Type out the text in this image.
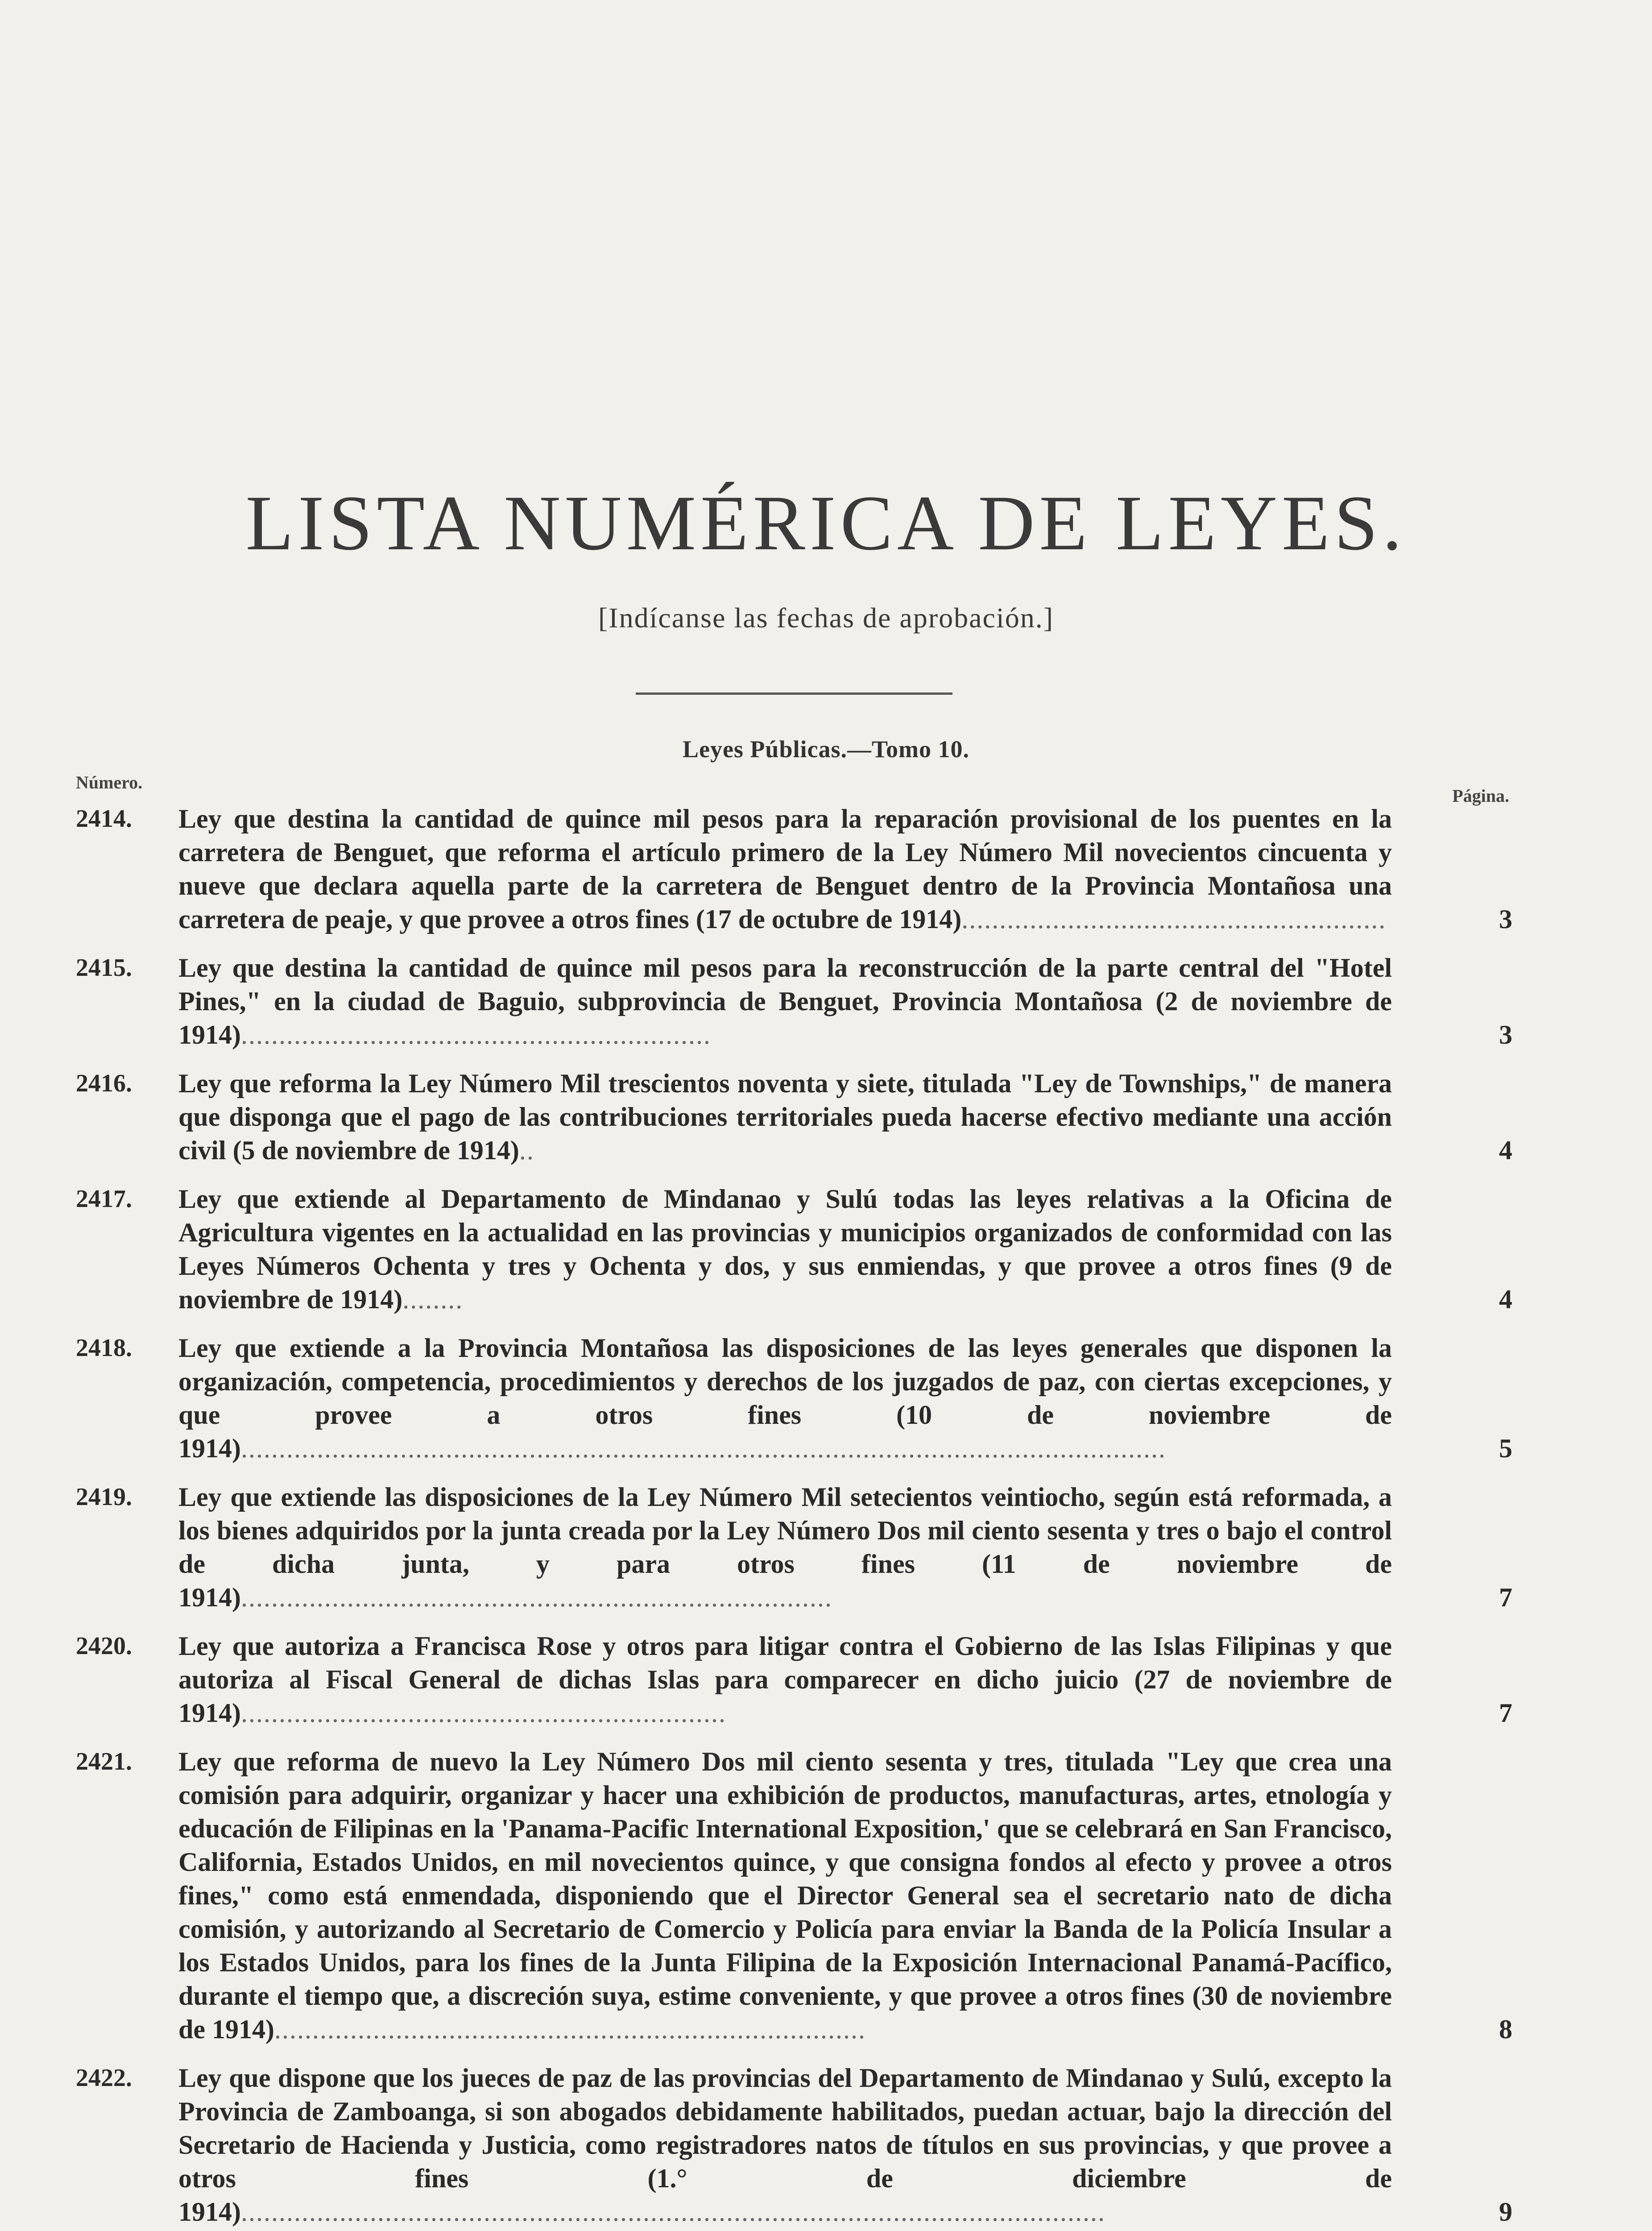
LISTA NUMÉRICA DE LEYES.
[Indícanse las fechas de aprobación.]
Leyes Públicas.—Tomo 10.
Número.
Página.
2414.	Ley que destina la cantidad de quince mil pesos para la reparación provisional de los puentes en la carretera de Benguet, que reforma el artículo primero de la Ley Número Mil novecientos cincuenta y nueve que declara aquella parte de la carretera de Benguet dentro de la Provincia Montañosa una carretera de peaje, y que provee a otros fines (17 de octubre de 1914)........................................................	3
2415.	Ley que destina la cantidad de quince mil pesos para la reconstrucción de la parte central del "Hotel Pines," en la ciudad de Baguio, subprovincia de Benguet, Provincia Montañosa (2 de noviembre de 1914)..............................................................	3
2416.	Ley que reforma la Ley Número Mil trescientos noventa y siete, titulada "Ley de Townships," de manera que disponga que el pago de las contribuciones territoriales pueda hacerse efectivo mediante una acción civil (5 de noviembre de 1914)..	4
2417.	Ley que extiende al Departamento de Mindanao y Sulú todas las leyes relativas a la Oficina de Agricultura vigentes en la actualidad en las provincias y municipios organizados de conformidad con las Leyes Números Ochenta y tres y Ochenta y dos, y sus enmiendas, y que provee a otros fines (9 de noviembre de 1914)........	4
2418.	Ley que extiende a la Provincia Montañosa las disposiciones de las leyes generales que disponen la organización, competencia, procedimientos y derechos de los juzgados de paz, con ciertas excepciones, y que provee a otros fines (10 de noviembre de 1914)..........................................................................................................................	5
2419.	Ley que extiende las disposiciones de la Ley Número Mil setecientos veintiocho, según está reformada, a los bienes adquiridos por la junta creada por la Ley Número Dos mil ciento sesenta y tres o bajo el control de dicha junta, y para otros fines (11 de noviembre de 1914)..............................................................................	7
2420.	Ley que autoriza a Francisca Rose y otros para litigar contra el Gobierno de las Islas Filipinas y que autoriza al Fiscal General de dichas Islas para comparecer en dicho juicio (27 de noviembre de 1914)................................................................	7
2421.	Ley que reforma de nuevo la Ley Número Dos mil ciento sesenta y tres, titulada "Ley que crea una comisión para adquirir, organizar y hacer una exhibición de productos, manufacturas, artes, etnología y educación de Filipinas en la 'Panama-Pacific International Exposition,' que se celebrará en San Francisco, California, Estados Unidos, en mil novecientos quince, y que consigna fondos al efecto y provee a otros fines," como está enmendada, disponiendo que el Director General sea el secretario nato de dicha comisión, y autorizando al Secretario de Comercio y Policía para enviar la Banda de la Policía Insular a los Estados Unidos, para los fines de la Junta Filipina de la Exposición Internacional Panamá-Pacífico, durante el tiempo que, a discreción suya, estime conveniente, y que provee a otros fines (30 de noviembre de 1914)..............................................................................	8
2422.	Ley que dispone que los jueces de paz de las provincias del Departamento de Mindanao y Sulú, excepto la Provincia de Zamboanga, si son abogados debidamente habilitados, puedan actuar, bajo la dirección del Secretario de Hacienda y Justicia, como registradores natos de títulos en sus provincias, y que provee a otros fines (1.° de diciembre de 1914)..................................................................................................................	9
